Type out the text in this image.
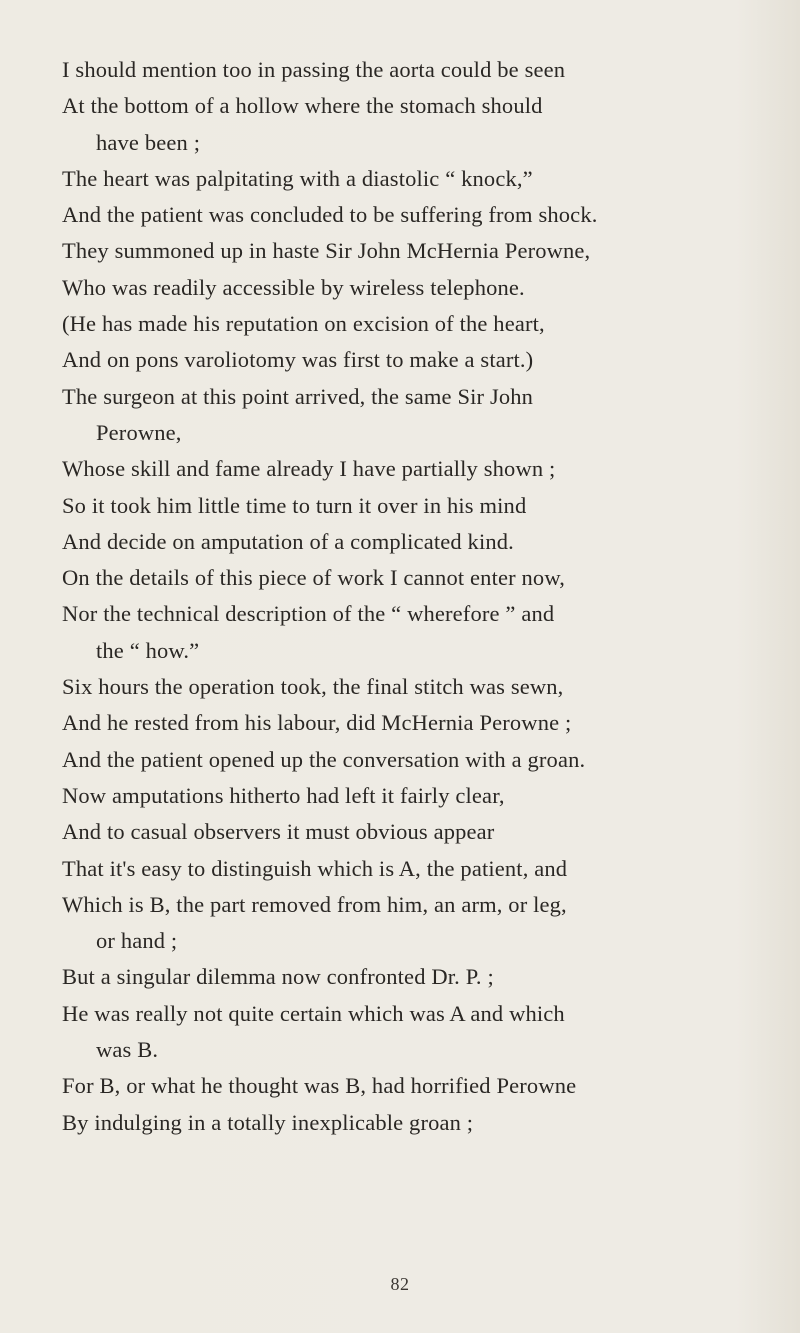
I should mention too in passing the aorta could be seen
At the bottom of a hollow where the stomach should
have been ;
The heart was palpitating with a diastolic “ knock,”
And the patient was concluded to be suffering from shock.
They summoned up in haste Sir John McHernia Perowne,
Who was readily accessible by wireless telephone.
(He has made his reputation on excision of the heart,
And on pons varoliotomy was first to make a start.)
The surgeon at this point arrived, the same Sir John
Perowne,
Whose skill and fame already I have partially shown ;
So it took him little time to turn it over in his mind
And decide on amputation of a complicated kind.
On the details of this piece of work I cannot enter now,
Nor the technical description of the “ wherefore ” and
the “ how.”
Six hours the operation took, the final stitch was sewn,
And he rested from his labour, did McHernia Perowne ;
And the patient opened up the conversation with a groan.
Now amputations hitherto had left it fairly clear,
And to casual observers it must obvious appear
That it's easy to distinguish which is A, the patient, and
Which is B, the part removed from him, an arm, or leg,
or hand ;
But a singular dilemma now confronted Dr. P. ;
He was really not quite certain which was A and which
was B.
For B, or what he thought was B, had horrified Perowne
By indulging in a totally inexplicable groan ;
82
